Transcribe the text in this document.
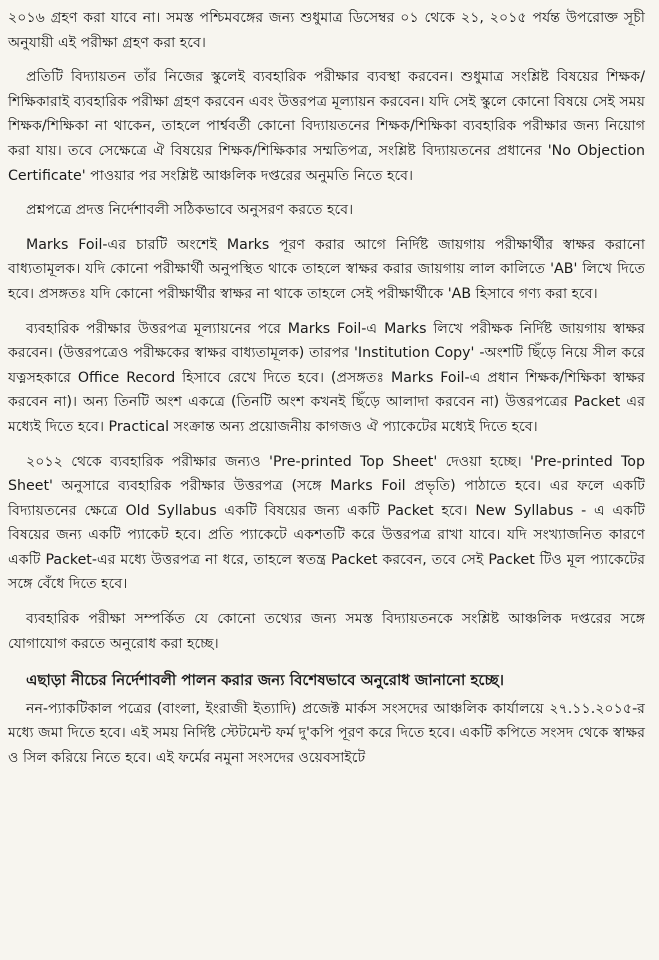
২০১৬ গ্রহণ করা যাবে না। সমস্ত পশ্চিমবঙ্গের জন্য শুধুমাত্র ডিসেম্বর ০১ থেকে ২১, ২০১৫ পর্যন্ত উপরোক্ত সূচী অনুযায়ী এই পরীক্ষা গ্রহণ করা হবে।

প্রতিটি বিদ্যায়তন তাঁর নিজের স্কুলেই ব্যবহারিক পরীক্ষার ব্যবস্থা করবেন। শুধুমাত্র সংশ্লিষ্ট বিষয়ের শিক্ষক/শিক্ষিকারাই ব্যবহারিক পরীক্ষা গ্রহণ করবেন এবং উত্তরপত্র মূল্যায়ন করবেন। যদি সেই স্কুলে কোনো বিষয়ে সেই সময় শিক্ষক/শিক্ষিকা না থাকেন, তাহলে পার্শ্ববর্তী কোনো বিদ্যায়তনের শিক্ষক/শিক্ষিকা ব্যবহারিক পরীক্ষার জন্য নিয়োগ করা যায়। তবে সেক্ষেত্রে ঐ বিষয়ের শিক্ষক/শিক্ষিকার সম্মতিপত্র, সংশ্লিষ্ট বিদ্যায়তনের প্রধানের 'No Objection Certificate' পাওয়ার পর সংশ্লিষ্ট আঞ্চলিক দপ্তরের অনুমতি নিতে হবে।

প্রশ্নপত্রে প্রদত্ত নির্দেশাবলী সঠিকভাবে অনুসরণ করতে হবে।

Marks Foil-এর চারটি অংশেই Marks পূরণ করার আগে নির্দিষ্ট জায়গায় পরীক্ষার্থীর স্বাক্ষর করানো বাধ্যতামূলক। যদি কোনো পরীক্ষার্থী অনুপস্থিত থাকে তাহলে স্বাক্ষর করার জায়গায় লাল কালিতে 'AB' লিখে দিতে হবে। প্রসঙ্গতঃ যদি কোনো পরীক্ষার্থীর স্বাক্ষর না থাকে তাহলে সেই পরীক্ষার্থীকে 'AB হিসাবে গণ্য করা হবে।

ব্যবহারিক পরীক্ষার উত্তরপত্র মূল্যায়নের পরে Marks Foil-এ Marks লিখে পরীক্ষক নির্দিষ্ট জায়গায় স্বাক্ষর করবেন। (উত্তরপত্রেও পরীক্ষকের স্বাক্ষর বাধ্যতামূলক) তারপর 'Institution Copy' -অংশটি ছিঁড়ে নিয়ে সীল করে যত্নসহকারে Office Record হিসাবে রেখে দিতে হবে। (প্রসঙ্গতঃ Marks Foil-এ প্রধান শিক্ষক/শিক্ষিকা স্বাক্ষর করবেন না)। অন্য তিনটি অংশ একত্রে (তিনটি অংশ কখনই ছিঁড়ে আলাদা করবেন না) উত্তরপত্রের Packet এর মধ্যেই দিতে হবে। Practical সংক্রান্ত অন্য প্রয়োজনীয় কাগজও ঐ প্যাকেটের মধ্যেই দিতে হবে।

২০১২ থেকে ব্যবহারিক পরীক্ষার জন্যও 'Pre-printed Top Sheet' দেওয়া হচ্ছে। 'Pre-printed Top Sheet' অনুসারে ব্যবহারিক পরীক্ষার উত্তরপত্র (সঙ্গে Marks Foil প্রভৃতি) পাঠাতে হবে। এর ফলে একটি বিদ্যায়তনের ক্ষেত্রে Old Syllabus একটি বিষয়ের জন্য একটি Packet হবে। New Syllabus - এ একটি বিষয়ের জন্য একটি প্যাকেট হবে। প্রতি প্যাকেটে একশতটি করে উত্তরপত্র রাখা যাবে। যদি সংখ্যাজনিত কারণে একটি Packet-এর মধ্যে উত্তরপত্র না ধরে, তাহলে স্বতন্ত্র Packet করবেন, তবে সেই Packet টিও মূল প্যাকেটের সঙ্গে বেঁধে দিতে হবে।

ব্যবহারিক পরীক্ষা সম্পর্কিত যে কোনো তথ্যের জন্য সমস্ত বিদ্যায়তনকে সংশ্লিষ্ট আঞ্চলিক দপ্তরের সঙ্গে যোগাযোগ করতে অনুরোধ করা হচ্ছে।

এছাড়া নীচের নির্দেশাবলী পালন করার জন্য বিশেষভাবে অনুরোধ জানানো হচ্ছে।

নন-প্যাকটিকাল পত্রের (বাংলা, ইংরাজী ইত্যাদি) প্রজেক্ট মার্কস সংসদের আঞ্চলিক কার্যালয়ে ২৭.১১.২০১৫-র মধ্যে জমা দিতে হবে। এই সময় নির্দিষ্ট স্টেটমেন্ট ফর্ম দু'কপি পূরণ করে দিতে হবে। একটি কপিতে সংসদ থেকে স্বাক্ষর ও সিল করিয়ে নিতে হবে। এই ফর্মের নমুনা সংসদের ওয়েবসাইটে
